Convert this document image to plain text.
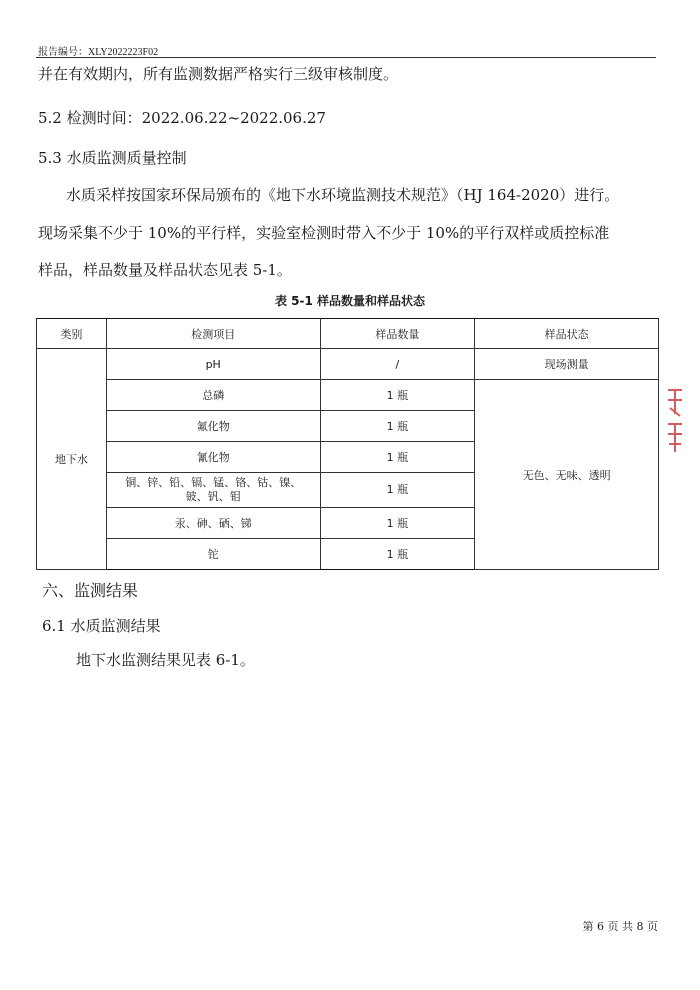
报告编号：XLY2022223F02
并在有效期内，所有监测数据严格实行三级审核制度。
5.2 检测时间：2022.06.22~2022.06.27
5.3 水质监测质量控制
水质采样按国家环保局颁布的《地下水环境监测技术规范》（HJ 164-2020）进行。
现场采集不少于 10%的平行样，实验室检测时带入不少于 10%的平行双样或质控标准
样品，样品数量及样品状态见表 5-1。
表 5-1 样品数量和样品状态
类别	检测项目	样品数量	样品状态
地下水	pH	/	现场测量
	总磷	1 瓶	无色、无味、透明
	氟化物	1 瓶	
	氰化物	1 瓶	

	铜、锌、铅、镉、锰、铬、钴、镍、
铍、钒、钼	1 瓶	
	汞、砷、硒、锑	1 瓶	
	铊	1 瓶	
六、监测结果
6.1 水质监测结果
地下水监测结果见表 6-1。
第 6 页 共 8 页
